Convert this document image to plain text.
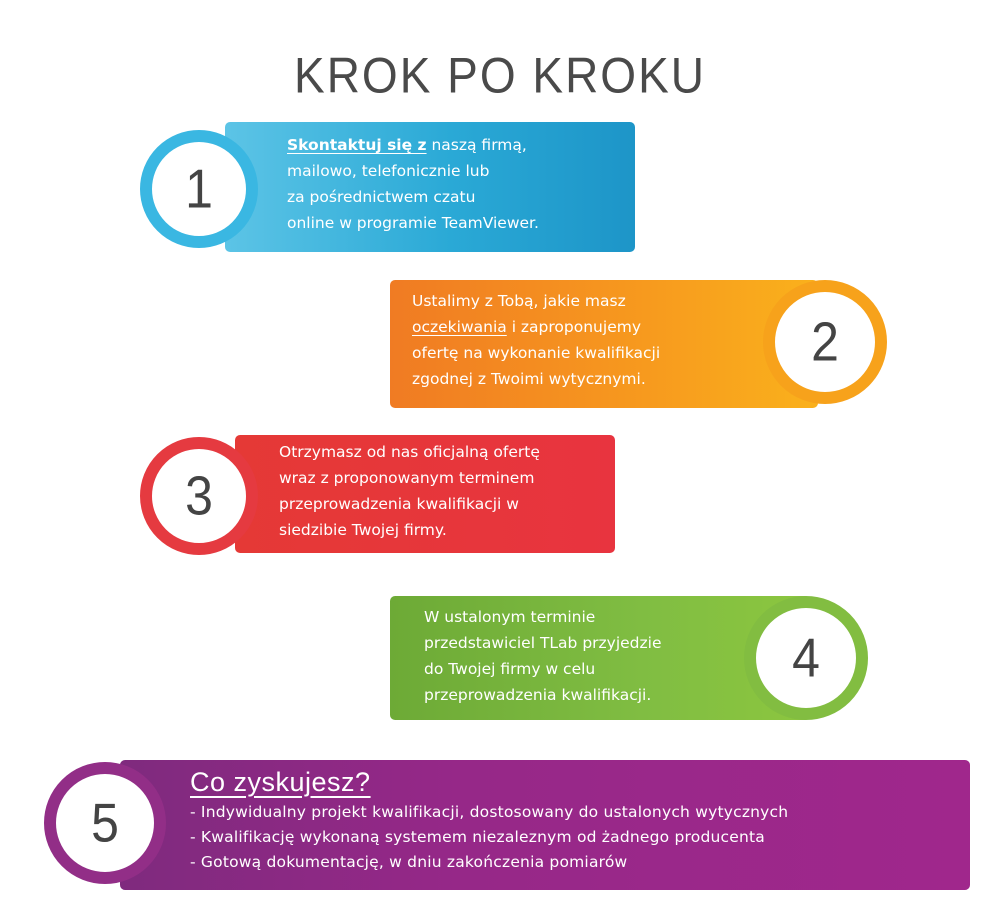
KROK PO KROKU
Skontaktuj się z naszą firmą,
mailowo, telefonicznie lub
za pośrednictwem czatu
online w programie TeamViewer.
1
Ustalimy z Tobą, jakie masz
oczekiwania i zaproponujemy
ofertę na wykonanie kwalifikacji
zgodnej z Twoimi wytycznymi.
2
Otrzymasz od nas oficjalną ofertę
wraz z proponowanym terminem
przeprowadzenia kwalifikacji w
siedzibie Twojej firmy.
3
W ustalonym terminie
przedstawiciel TLab przyjedzie
do Twojej firmy w celu
przeprowadzenia kwalifikacji.
4
Co zyskujesz?
- Indywidualny projekt kwalifikacji, dostosowany do ustalonych wytycznych
- Kwalifikację wykonaną systemem niezaleznym od żadnego producenta
- Gotową dokumentację, w dniu zakończenia pomiarów
5
